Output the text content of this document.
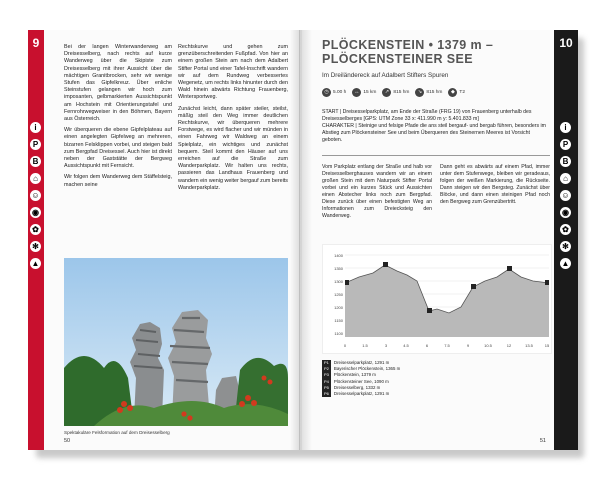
9
i
P
B
⌂
☺
◉
✿
✻
▲

Bei der langen Winterwanderweg am Dreisesselberg, nach rechts auf kurze Wanderweg über die Skipiste zum Dreisesselberg mit ihrer Aussicht über die mächtigen Granitbrocken, sehr wir wenige Stufen das Gipfelkreuz. Über enliche Steinstufen gelangen wir hoch zum imposanten, gelbmarkierten Aussichtspunkt am Hochstein mit Orientierungstafel und Fernrohrwegweiser in den Böhmen, Bayern aus Österreich.

Wir überqueren die ebene Gipfelplateau auf einen angelegten Gipfelweg an mehreren, bizarren Felsklippen vorbei, und steigen bald zum Bergpfad Dreisessel. Auch hier ist direkt neben der Gaststätte der Bergweg Aussichtspunkt mit Fernsicht.

Wir folgen dem Wanderweg dem Stäffelsteig, machen seine

Rechtskurve und gehen zum grenzüberschreitenden Fußpfad. Von hier an einem großen Stein am nach dem Adalbert Stifter Portal und einer Tafel-Inschrift wandern wir auf dem Rundweg verbessertes Wegenetz, um rechts links hinunter durch den Wald hinein abwärts Richtung Frauenberg, Wintersportweg.

Zunächst leicht, dann später steiler, steilst, mäßig steil den Weg immer deutlichen Rechtskurve, wir überqueren mehrere Forstwege, es wird flacher und wir münden in einen Fahrweg wir Waldweg an einem Spielplatz, ein wichtiges und zunächst bequem. Steil kommt den Häuser auf uns erreichen auf die Straße zum Wanderparkplatz. Wir halten uns rechts, passieren das Landhaus Frauenberg und wandern ein wenig weiter bergauf zum bereits Wanderparkplatz.

Spektakuläre Felsformation auf dem Dreisesselberg
50
PLÖCKENSTEIN • 1379 m –
PLÖCKENSTEINER SEE
Im Dreiländereck auf Adalbert Stifters Spuren
◷ 5.00 h	↔ 15 km	↗ 815 hm	↘ 815 hm	◆ T2

START | Dreisesselparkplatz, am Ende der Straße (FRG 19) von Frauenberg unterhalb des Dreisesselberges [GPS: UTM Zone 33 x: 411.990 m y: 5.401.833 m]

CHARAKTER | Steinige und felsige Pfade die ans steil bergauf- und bergab führen, besonders im Abstieg zum Plöckensteiner See und beim Überqueren des Steinernen Meeres ist Vorsicht geboten.

Vom Parkplatz entlang der Straße und halb vor Dreisesselberghauses wandern wir an einem großen Stein mit dem Naturpark Stifter Portal vorbei und ein kurzes Stück und Aussichten einen Abstecher links noch zum Bergpfad. Diese zurück über einen befestigten Weg an Informationen zum Dreiecksteig den Wanderweg.
Dann geht es abwärts auf einem Pfad, immer unter dem Stufenwege, bleiben wir geradeaus, folgen der weißen Markierung, die Rückseite. Dann steigen wir den Bergsteg. Zunächst über Blöcke, und dann einen steinigen Pfad noch den Bergweg zum Grenzübertritt.
1400
1350
1300
1250
1200
1150
1100
0	1.5	3	4.5	6	7.5	9	10.5	12	13.5	15
P1	Dreisesselparkplatz, 1291 m
P2	Bayerischer Plöckenstein, 1365 m
P3	Plöckenstein, 1379 m
P4	Plöckensteiner See, 1090 m
P5	Dreisesselberg, 1332 m
P6	Dreisesselparkplatz, 1291 m
51
10
i
P
B
⌂
☺
◉
✿
✻
▲
